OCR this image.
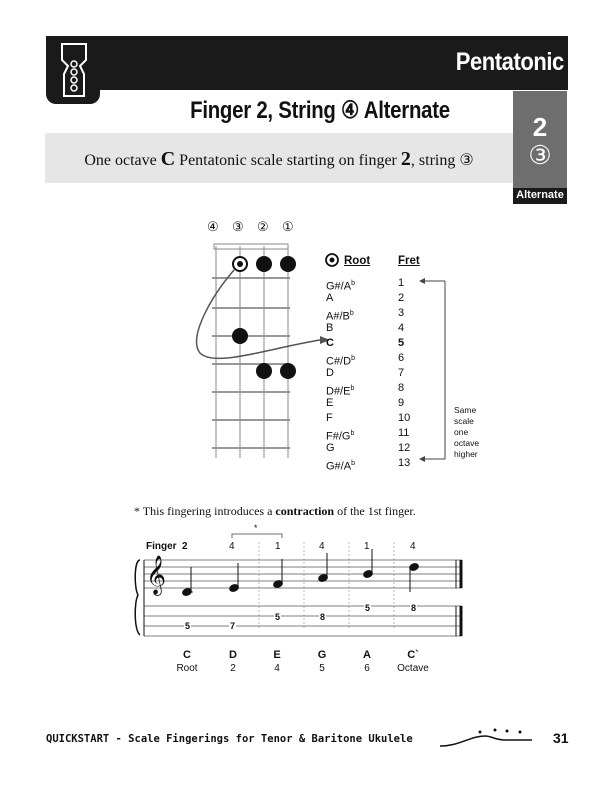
Pentatonic
Finger 2, String ④ Alternate
One octave C Pentatonic scale starting on finger 2, string ③
2
③
Alternate
④ ③ ② ①
Root Fret
$G\#/A^b$	1
A	2
$A\#/B^b$	3
B	4
C	5
$C\#/D^b$	6
D	7
$D\#/E^b$	8
E	9
F	10
$F\#/G^b$	11
G	12
$G\#/A^b$	13
Same
scale
one
octave
higher
* This fingering introduces a contraction of the 1st finger.
Finger 2	4	1	4	1	4
*
𝄞
5	7
5	8
5	8
C	D	E	G	A	C`
Root	2	4	5	6	Octave
QUICKSTART - Scale Fingerings for Tenor & Baritone Ukulele	31
